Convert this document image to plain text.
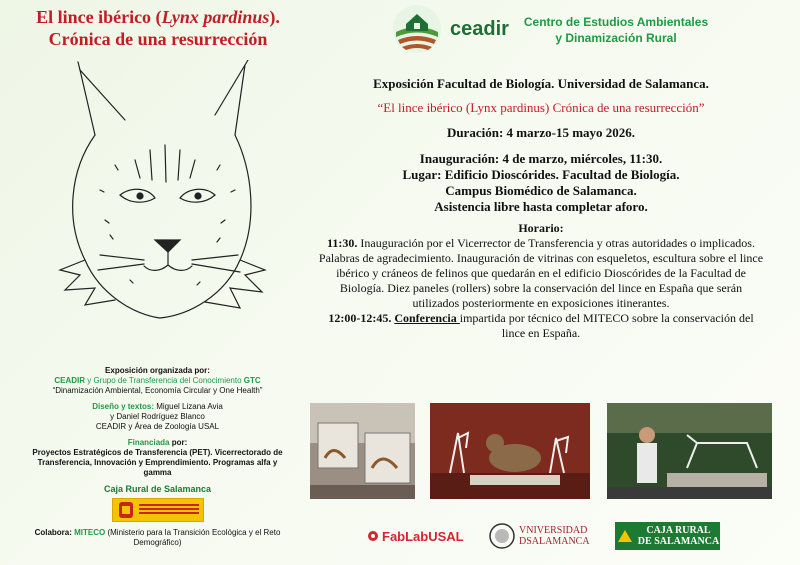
El lince ibérico (Lynx pardinus). Crónica de una resurrección
Exposición organizada por:
CEADIR y Grupo de Transferencia del Conocimiento GTC
“Dinamización Ambiental, Economía Circular y One Health”
Diseño y textos: Miguel Lizana Avia
y Daniel Rodríguez Blanco
CEADIR y Área de Zoología USAL
Financiada por:
Proyectos Estratégicos de Transferencia (PET). Vicerrectorado de Transferencia, Innovación y Emprendimiento. Programas alfa y gamma
Caja Rural de Salamanca
Colabora: MITECO (Ministerio para la Transición Ecológica y el Reto Demográfico)
ceadir	Centro de Estudios Ambientales
y Dinamización Rural
Exposición Facultad de Biología. Universidad de Salamanca.
“El lince ibérico (Lynx pardinus) Crónica de una resurrección”
Duración: 4 marzo-15 mayo 2026.
Inauguración: 4 de marzo, miércoles, 11:30.
Lugar: Edificio Dioscórides. Facultad de Biología.
Campus Biomédico de Salamanca.
Asistencia libre hasta completar aforo.
Horario:
11:30. Inauguración por el Vicerrector de Transferencia y otras autoridades o implicados. Palabras de agradecimiento. Inauguración de vitrinas con esqueletos, escultura sobre el lince ibérico y cráneos de felinos que quedarán en el edificio Dioscórides de la Facultad de Biología. Diez paneles (rollers) sobre la conservación del lince en España que serán utilizados posteriormente en exposiciones itinerantes.
12:00-12:45. Conferencia impartida por técnico del MITECO sobre la conservación del lince en España.
FabLabUSAL	VNIVERSIDAD
DSALAMANCA
CAJA RURAL
DE SALAMANCA
